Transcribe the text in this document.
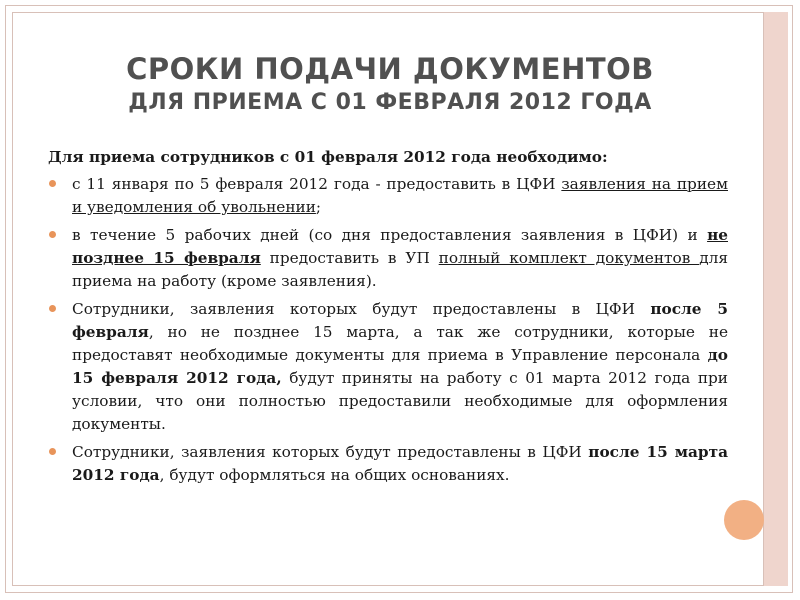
СРОКИ ПОДАЧИ ДОКУМЕНТОВ
ДЛЯ ПРИЕМА С 01 ФЕВРАЛЯ 2012 ГОДА
Для приема сотрудников с 01 февраля 2012 года необходимо:
с 11 января по 5 февраля 2012 года - предоставить в ЦФИ заявления на прием и уведомления об увольнении;
в течение 5 рабочих дней (со дня предоставления заявления в ЦФИ) и не позднее 15 февраля предоставить в УП полный комплект документов для приема на работу (кроме заявления).
Сотрудники, заявления которых будут предоставлены в ЦФИ после 5 февраля, но не позднее 15 марта, а так же сотрудники, которые не предоставят необходимые документы для приема в Управление персонала до 15 февраля 2012 года, будут приняты на работу с 01 марта 2012 года при условии, что они полностью предоставили необходимые для оформления документы.
Сотрудники, заявления которых будут предоставлены в ЦФИ после 15 марта 2012 года, будут оформляться на общих основаниях.
